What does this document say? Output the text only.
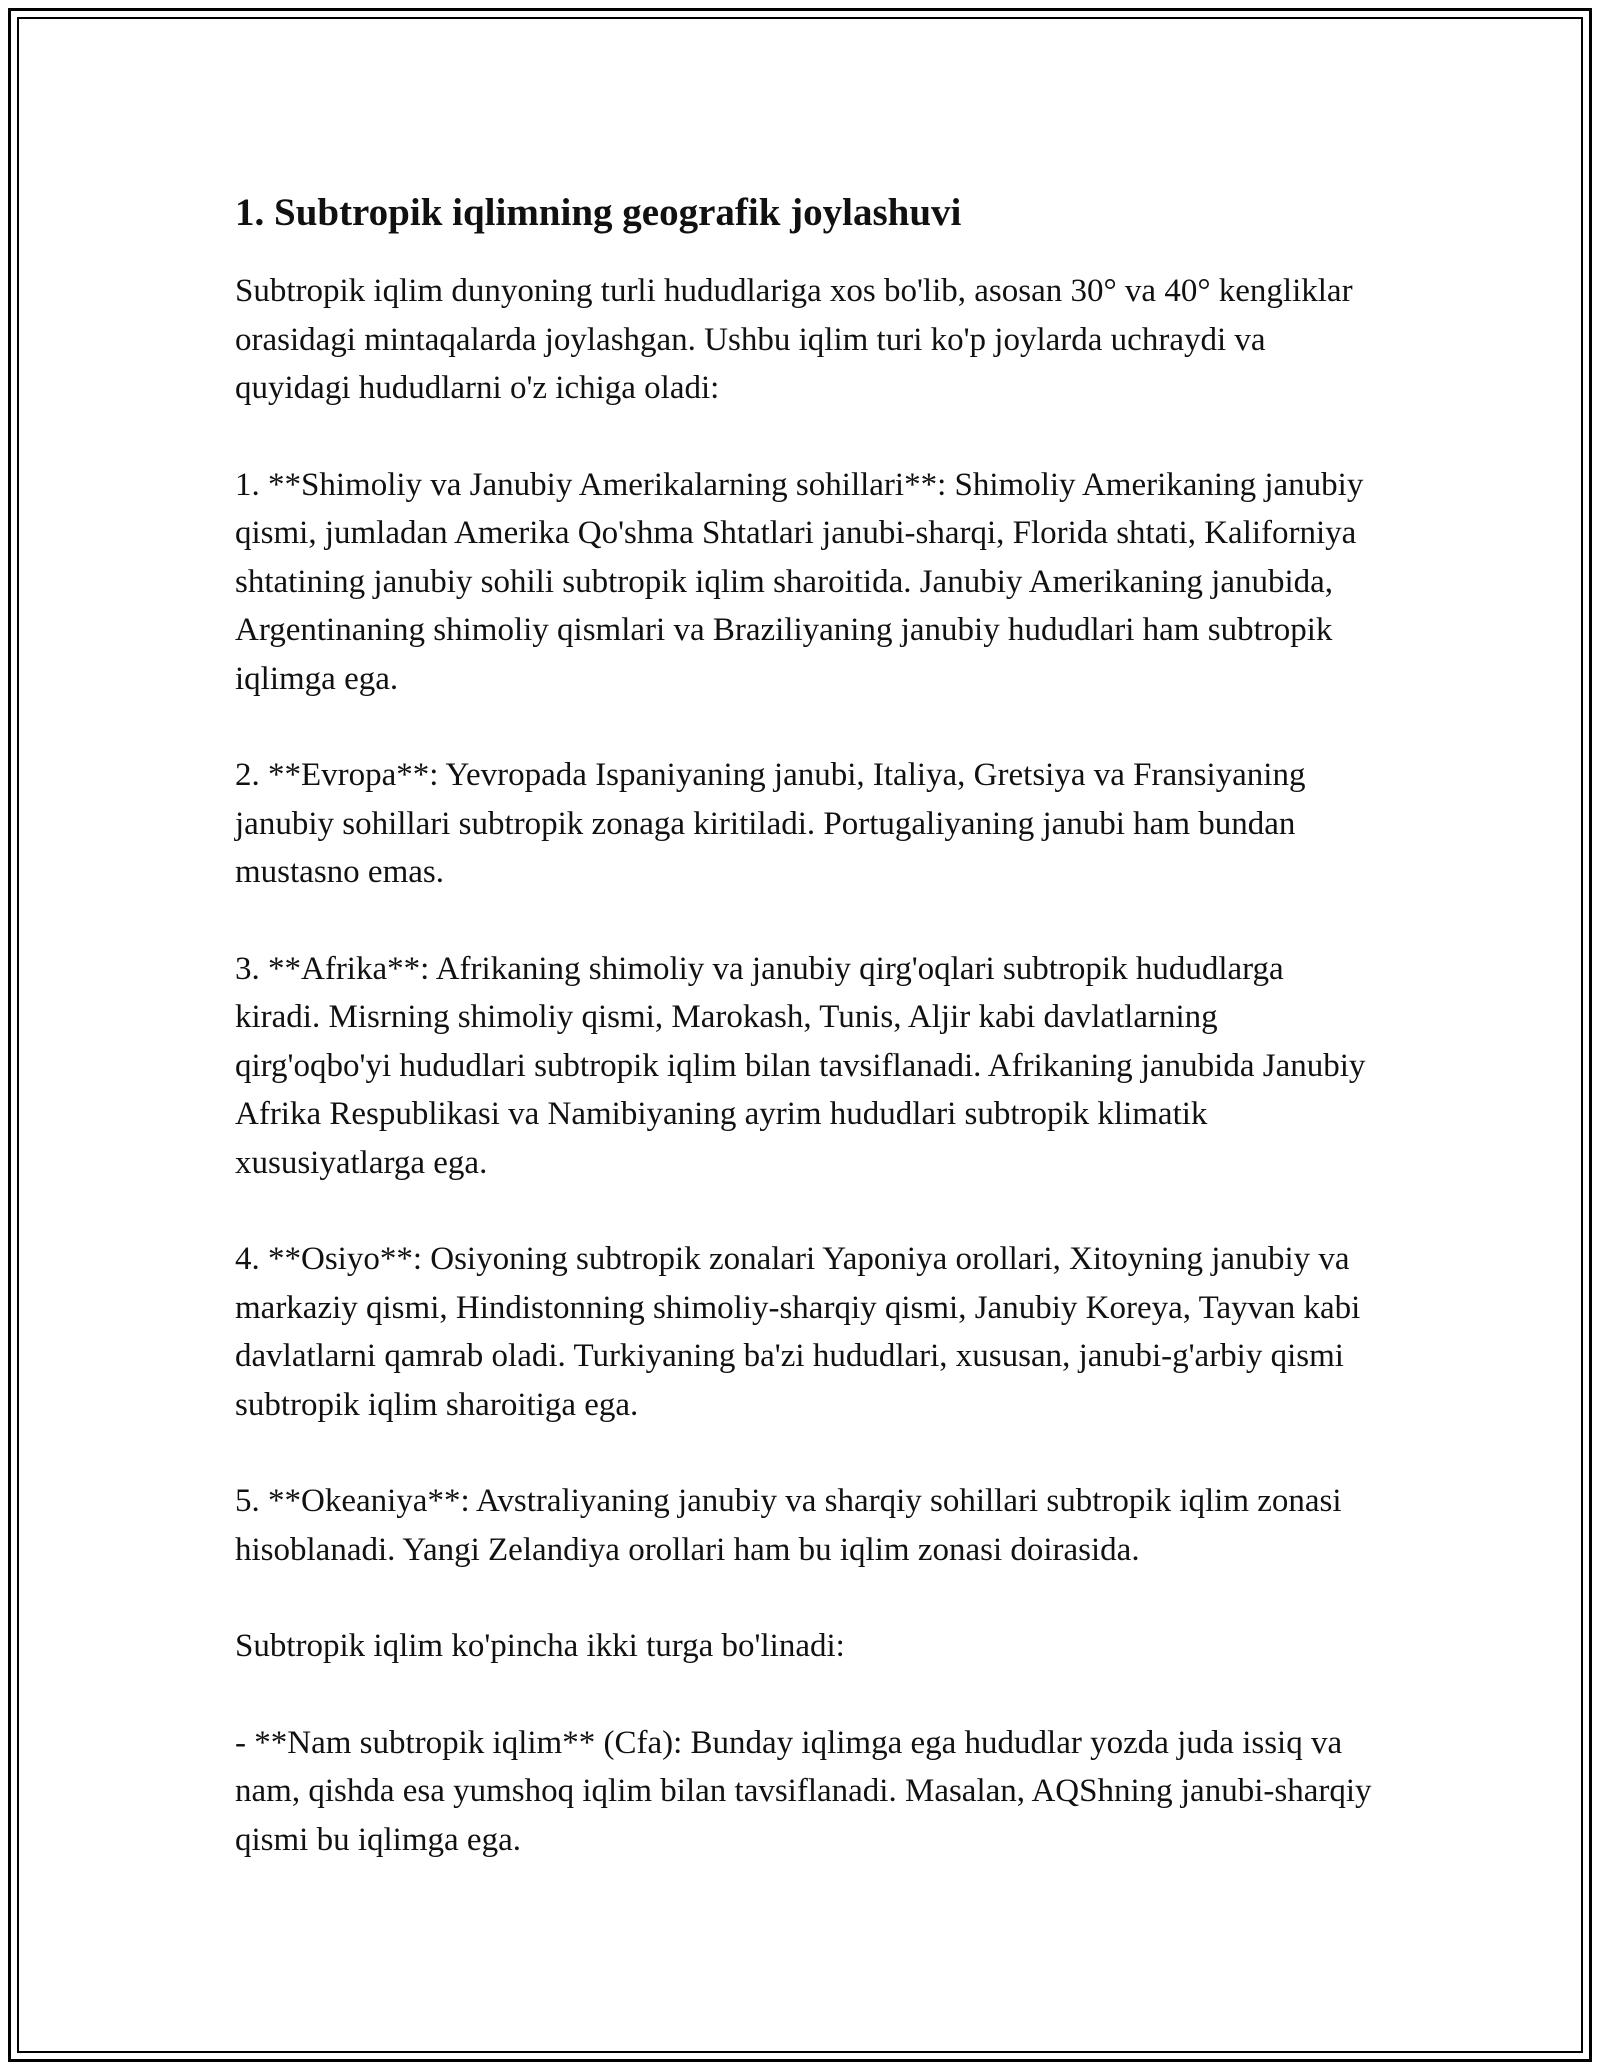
1. Subtropik iqlimning geografik joylashuvi

Subtropik iqlim dunyoning turli hududlariga xos bo'lib, asosan 30° va 40° kengliklar orasidagi mintaqalarda joylashgan. Ushbu iqlim turi ko'p joylarda uchraydi va quyidagi hududlarni o'z ichiga oladi:

1. **Shimoliy va Janubiy Amerikalarning sohillari**: Shimoliy Amerikaning janubiy qismi, jumladan Amerika Qo'shma Shtatlari janubi-sharqi, Florida shtati, Kaliforniya shtatining janubiy sohili subtropik iqlim sharoitida. Janubiy Amerikaning janubida, Argentinaning shimoliy qismlari va Braziliyaning janubiy hududlari ham subtropik iqlimga ega.

2. **Evropa**: Yevropada Ispaniyaning janubi, Italiya, Gretsiya va Fransiyaning janubiy sohillari subtropik zonaga kiritiladi. Portugaliyaning janubi ham bundan mustasno emas.

3. **Afrika**: Afrikaning shimoliy va janubiy qirg'oqlari subtropik hududlarga kiradi. Misrning shimoliy qismi, Marokash, Tunis, Aljir kabi davlatlarning qirg'oqbo'yi hududlari subtropik iqlim bilan tavsiflanadi. Afrikaning janubida Janubiy Afrika Respublikasi va Namibiyaning ayrim hududlari subtropik klimatik xususiyatlarga ega.

4. **Osiyo**: Osiyoning subtropik zonalari Yaponiya orollari, Xitoyning janubiy va markaziy qismi, Hindistonning shimoliy-sharqiy qismi, Janubiy Koreya, Tayvan kabi davlatlarni qamrab oladi. Turkiyaning ba'zi hududlari, xususan, janubi-g'arbiy qismi subtropik iqlim sharoitiga ega.

5. **Okeaniya**: Avstraliyaning janubiy va sharqiy sohillari subtropik iqlim zonasi hisoblanadi. Yangi Zelandiya orollari ham bu iqlim zonasi doirasida.

Subtropik iqlim ko'pincha ikki turga bo'linadi:

- **Nam subtropik iqlim** (Cfa): Bunday iqlimga ega hududlar yozda juda issiq va nam, qishda esa yumshoq iqlim bilan tavsiflanadi. Masalan, AQShning janubi-sharqiy qismi bu iqlimga ega.
